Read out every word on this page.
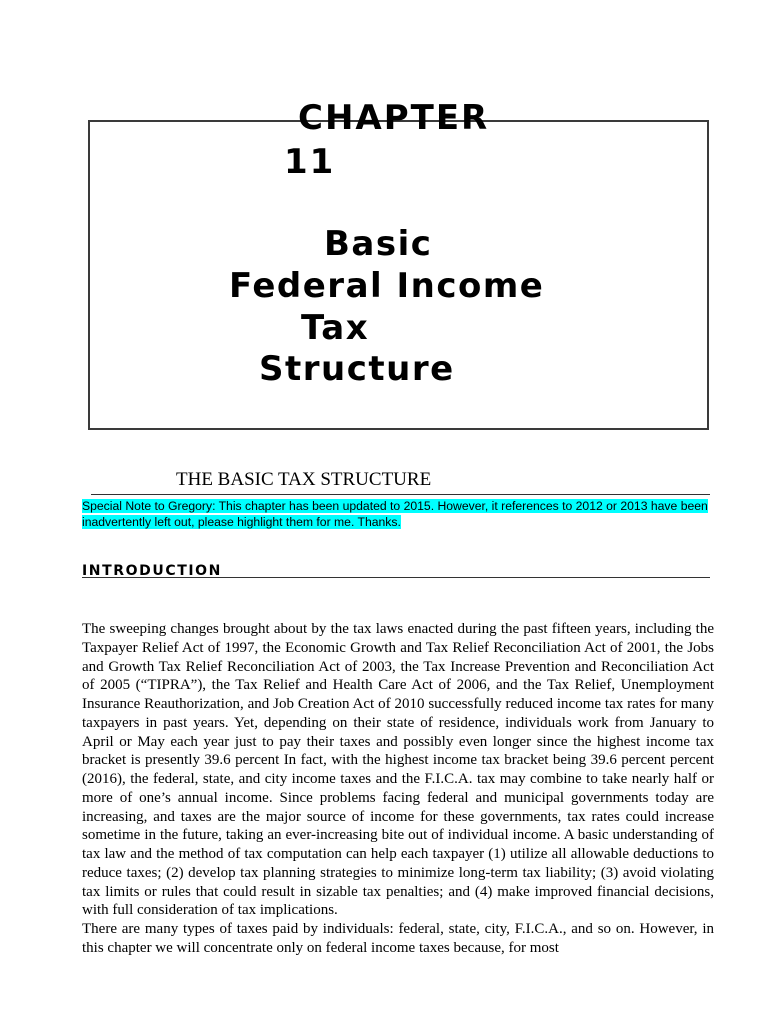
CHAPTER
11
Basic
Federal Income
Tax
Structure
THE BASIC TAX STRUCTURE
Special Note to Gregory: This chapter has been updated to 2015. However, it references to 2012 or 2013 have been inadvertently left out, please highlight them for me. Thanks.
INTRODUCTION

The sweeping changes brought about by the tax laws enacted during the past fifteen years, including the Taxpayer Relief Act of 1997, the Economic Growth and Tax Relief Reconciliation Act of 2001, the Jobs and Growth Tax Relief Reconciliation Act of 2003, the Tax Increase Prevention and Reconciliation Act of 2005 (“TIPRA”), the Tax Relief and Health Care Act of 2006, and the Tax Relief, Unemployment Insurance Reauthorization, and Job Creation Act of 2010 successfully reduced income tax rates for many taxpayers in past years. Yet, depending on their state of residence, individuals work from January to April or May each year just to pay their taxes and possibly even longer since the highest income tax bracket is presently 39.6 percent In fact, with the highest income tax bracket being 39.6 percent percent (2016), the federal, state, and city income taxes and the F.I.C.A. tax may combine to take nearly half or more of one’s annual income. Since problems facing federal and municipal governments today are increasing, and taxes are the major source of income for these governments, tax rates could increase sometime in the future, taking an ever-increasing bite out of individual income. A basic understanding of tax law and the method of tax computation can help each taxpayer (1) utilize all allowable deductions to reduce taxes; (2) develop tax planning strategies to minimize long-term tax liability; (3) avoid violating tax limits or rules that could result in sizable tax penalties; and (4) make improved financial decisions, with full consideration of tax implications.

There are many types of taxes paid by individuals: federal, state, city, F.I.C.A., and so on. However, in this chapter we will concentrate only on federal income taxes because, for most
